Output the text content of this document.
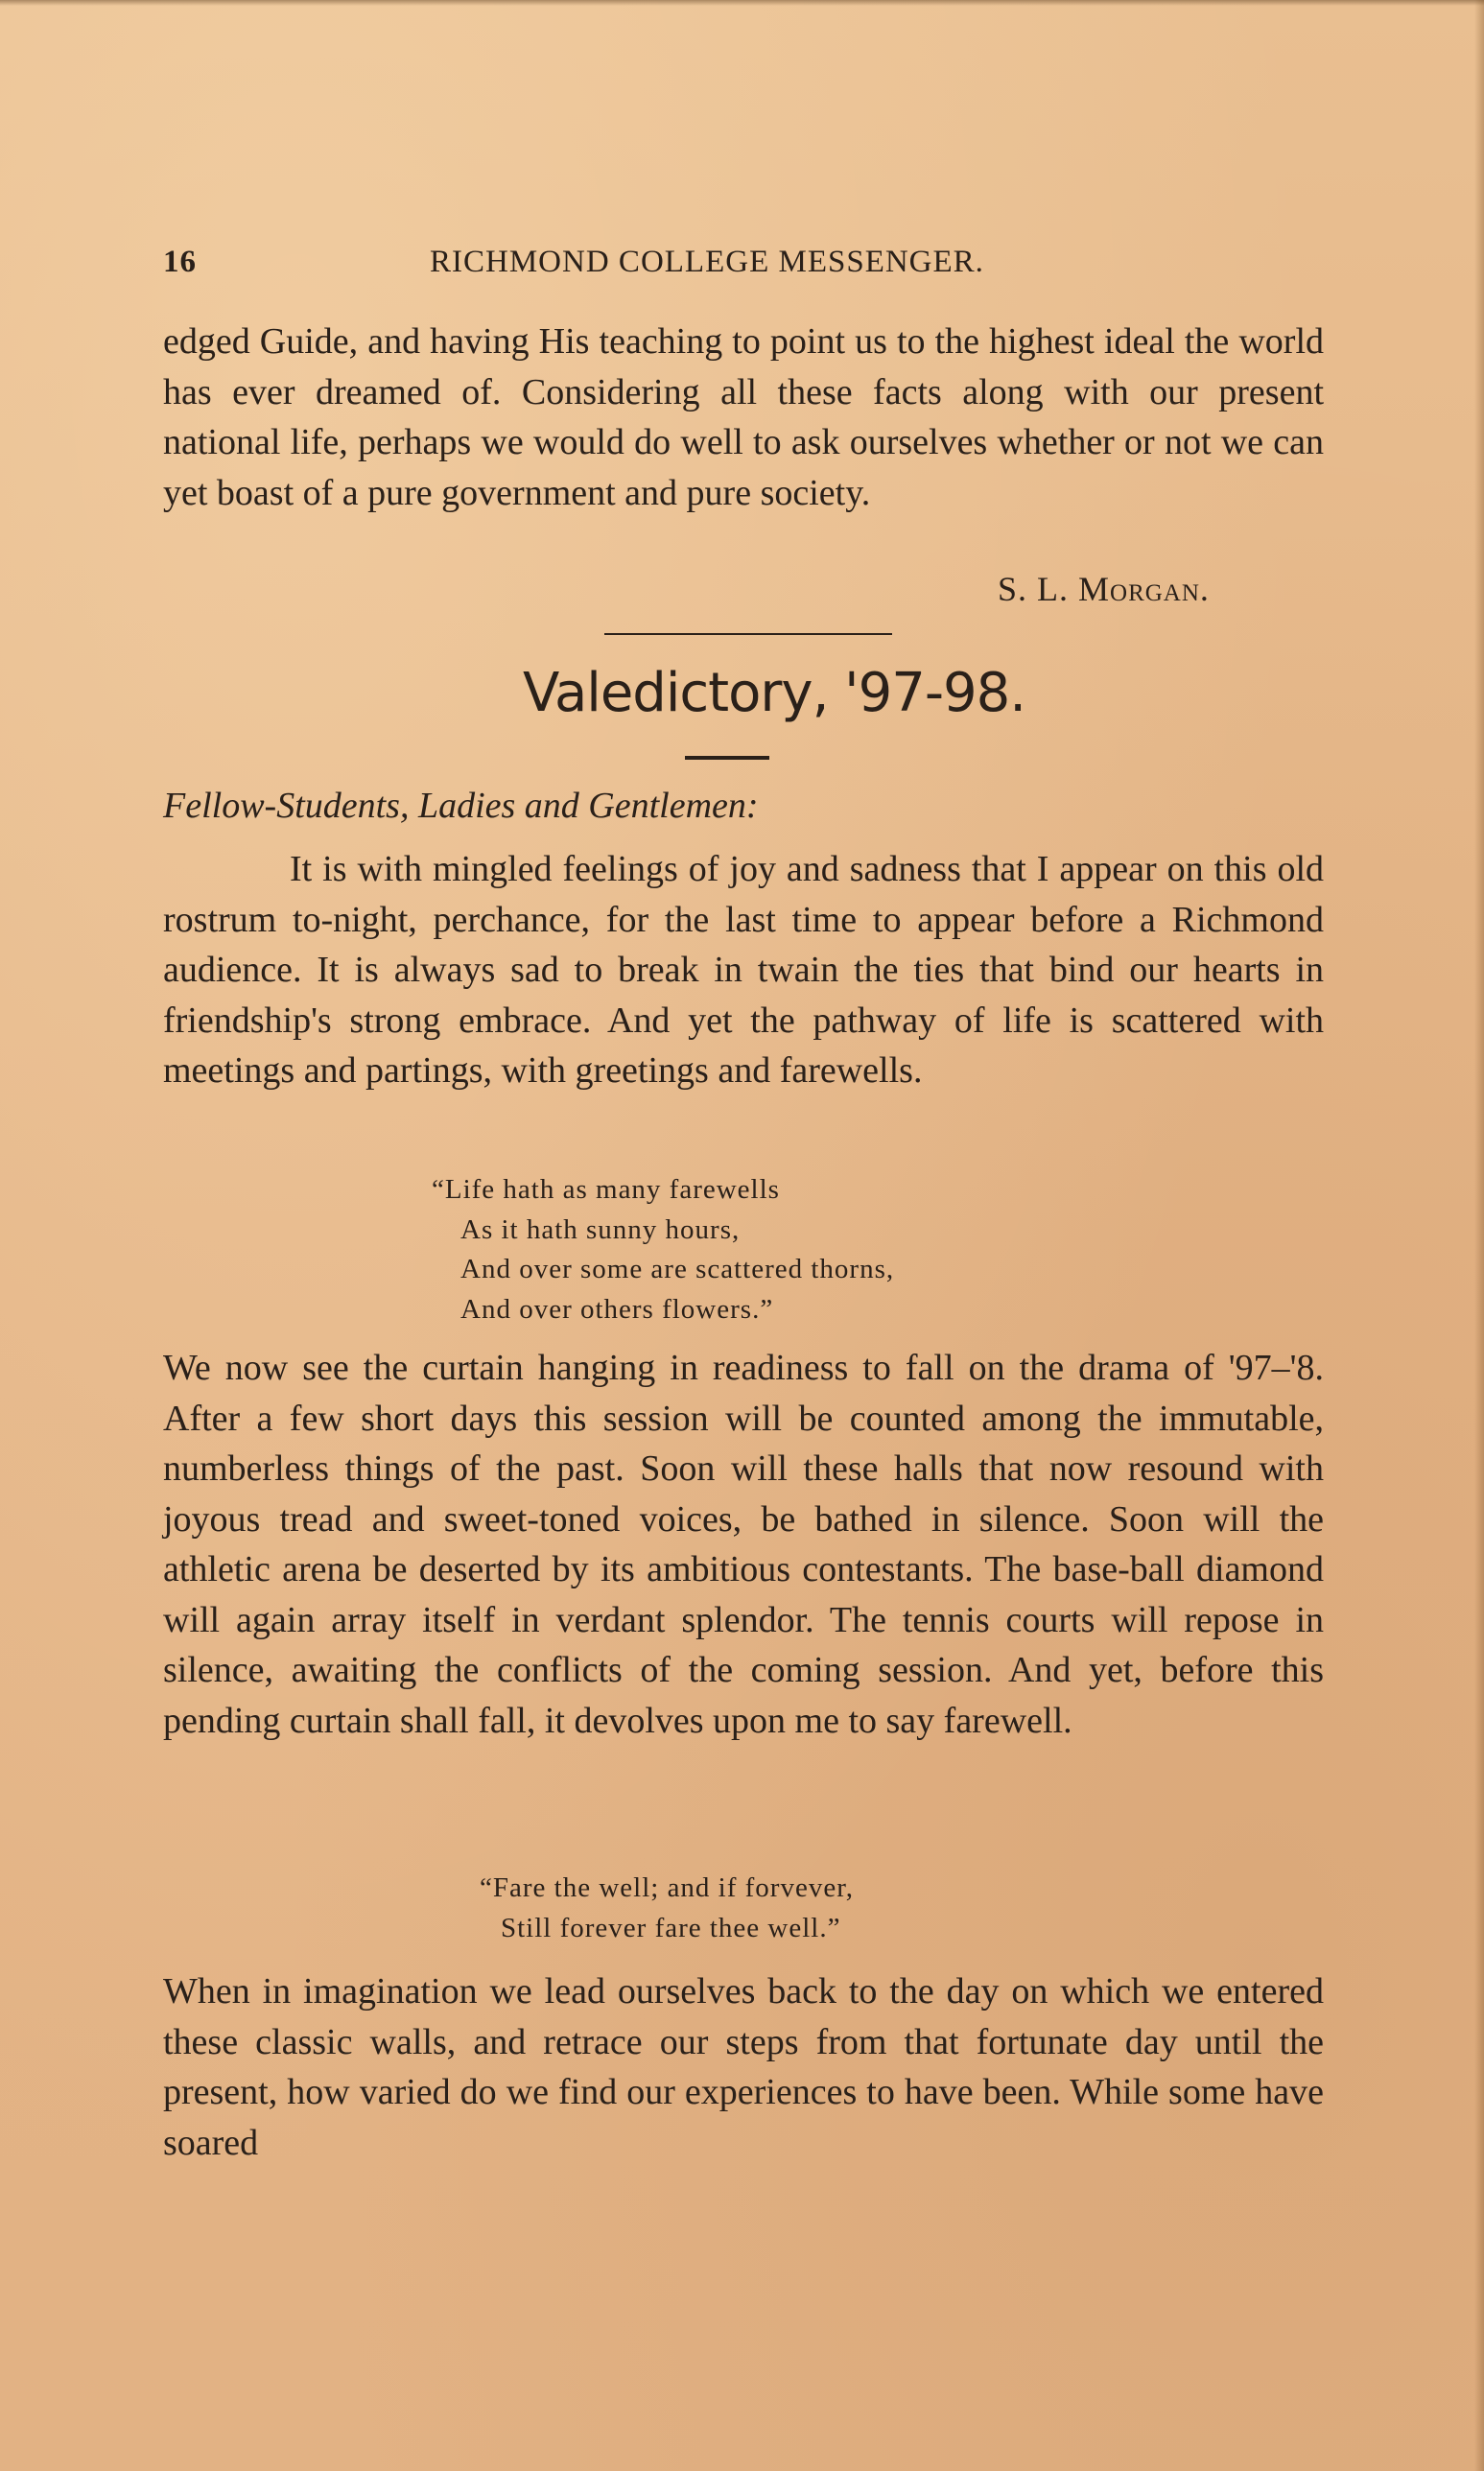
16	RICHMOND COLLEGE MESSENGER.

edged Guide, and having His teaching to point us to the highest ideal the world has ever dreamed of. Considering all these facts along with our present national life, perhaps we would do well to ask ourselves whether or not we can yet boast of a pure government and pure society.

S. L. Morgan.
Valedictory, '97-98.
Fellow-Students, Ladies and Gentlemen:

It is with mingled feelings of joy and sadness that I appear on this old rostrum to-night, perchance, for the last time to appear before a Richmond audience. It is always sad to break in twain the ties that bind our hearts in friendship's strong embrace. And yet the pathway of life is scattered with meetings and partings, with greetings and farewells.

“Life hath as many farewells
As it hath sunny hours,
And over some are scattered thorns,
And over others flowers.”

We now see the curtain hanging in readiness to fall on the drama of '97–'8. After a few short days this session will be counted among the immutable, numberless things of the past. Soon will these halls that now resound with joyous tread and sweet-toned voices, be bathed in silence. Soon will the athletic arena be deserted by its ambitious contestants. The base-ball diamond will again array itself in verdant splendor. The tennis courts will repose in silence, awaiting the conflicts of the coming session. And yet, before this pending curtain shall fall, it devolves upon me to say farewell.

“Fare the well; and if forvever,
Still forever fare thee well.”

When in imagination we lead ourselves back to the day on which we entered these classic walls, and retrace our steps from that fortunate day until the present, how varied do we find our experiences to have been. While some have soared
